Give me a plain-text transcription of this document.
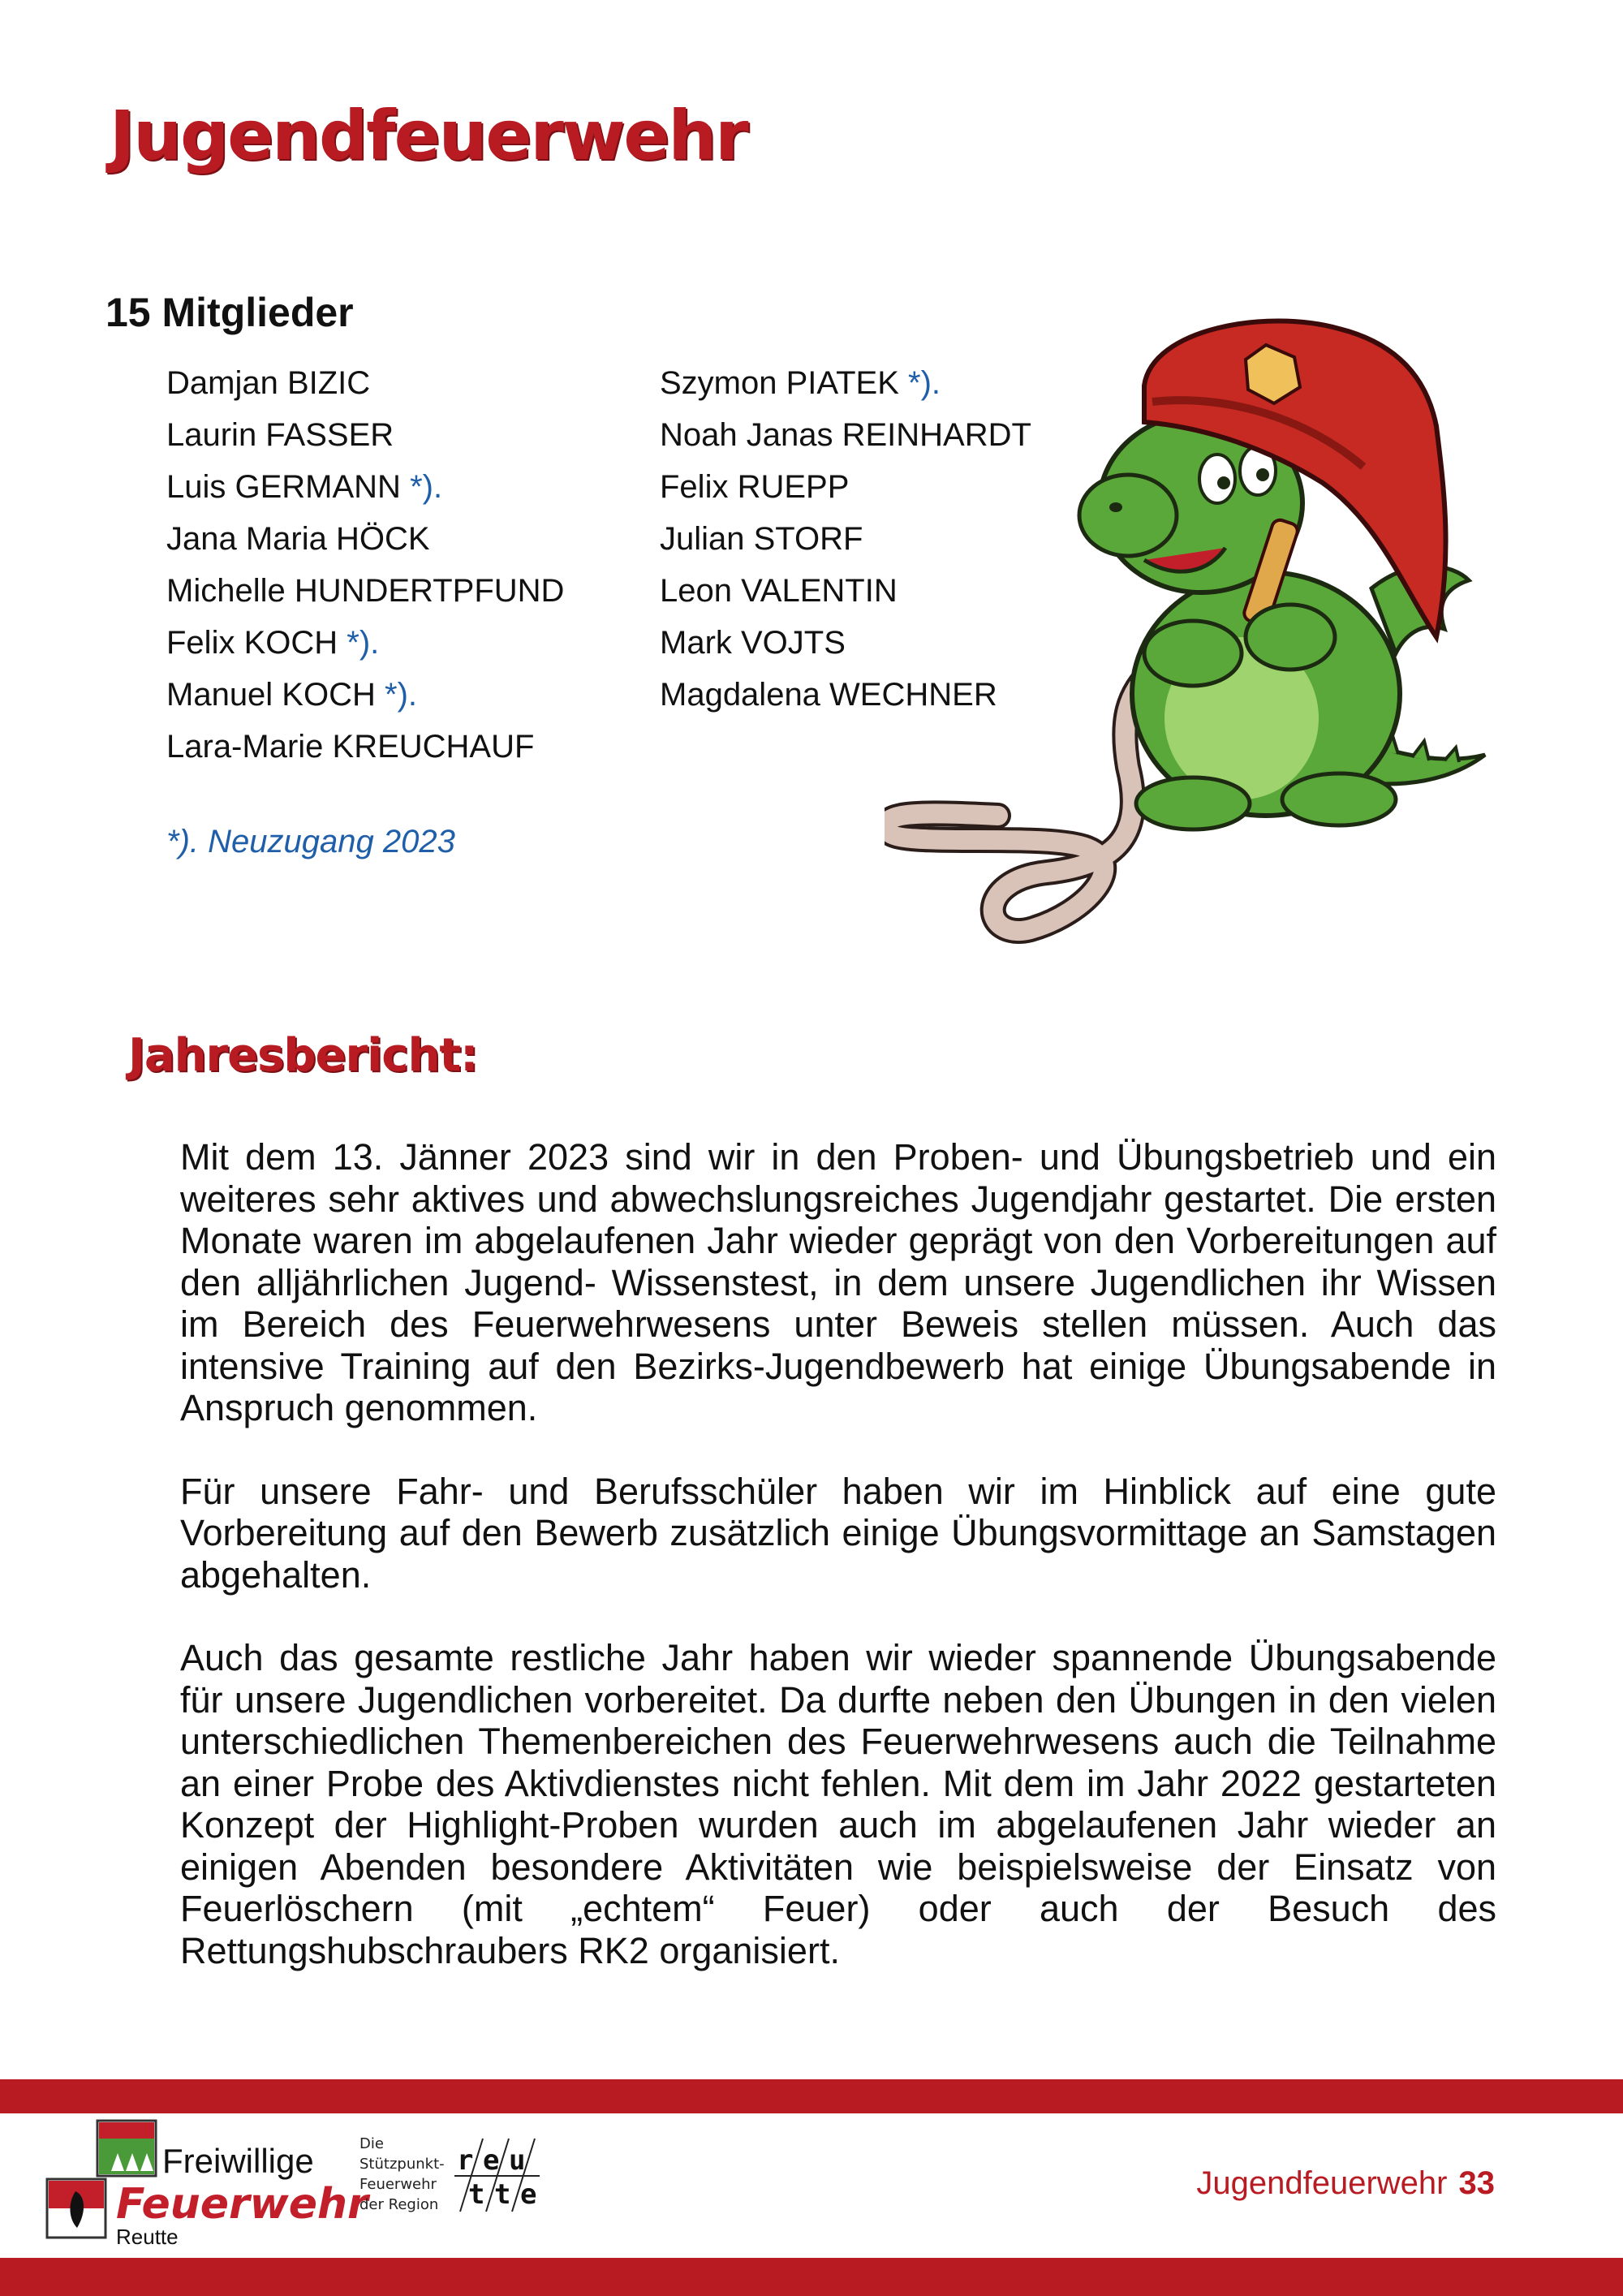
Jugendfeuerwehr
15 Mitglieder
Damjan BIZIC
Laurin FASSER
Luis GERMANN *).
Jana Maria HÖCK
Michelle HUNDERTPFUND
Felix KOCH *).
Manuel KOCH *).
Lara-Marie KREUCHAUF
Szymon PIATEK *).
Noah Janas REINHARDT
Felix RUEPP
Julian STORF
Leon VALENTIN
Mark VOJTS
Magdalena WECHNER
*). Neuzugang 2023
Jahresbericht:

Mit dem 13. Jänner 2023 sind wir in den Proben- und Übungsbetrieb und ein weiteres sehr aktives und abwechslungsreiches Jugendjahr gestartet. Die ersten Monate waren im abgelaufenen Jahr wieder geprägt von den Vorbereitungen auf den alljährlichen Jugend- Wissenstest, in dem unsere Jugendlichen ihr Wissen im Bereich des Feuerwehrwesens unter Beweis stellen müssen. Auch das intensive Training auf den Bezirks-Jugendbewerb hat einige Übungsabende in Anspruch genommen.

Für unsere Fahr- und Berufsschüler haben wir im Hinblick auf eine gute Vorbereitung auf den Bewerb zusätzlich einige Übungsvormittage an Samstagen abgehalten.

Auch das gesamte restliche Jahr haben wir wieder spannende Übungsabende für unsere Jugendlichen vorbereitet. Da durfte neben den Übungen in den vielen unterschiedlichen Themenbereichen des Feuerwehrwesens auch die Teilnahme an einer Probe des Aktivdienstes nicht fehlen. Mit dem im Jahr 2022 gestarteten Konzept der Highlight-Proben wurden auch im abgelaufenen Jahr wieder an einigen Abenden besondere Aktivitäten wie beispielsweise der Einsatz von Feuerlöschern (mit „echtem“ Feuer) oder auch der Besuch des Rettungshubschraubers RK2 organisiert.

Freiwillige
Feuerwehr
Reutte
Die
Stützpunkt-
Feuerwehr
der Region
r e u
t t e	Jugendfeuerwehr 33
